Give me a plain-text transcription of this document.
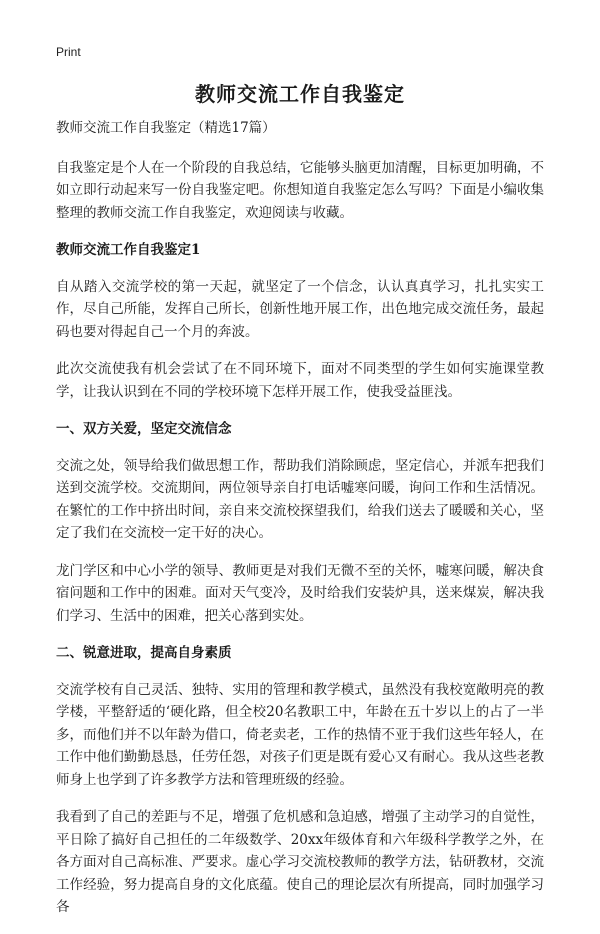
Print
教师交流工作自我鉴定

教师交流工作自我鉴定（精选17篇）

自我鉴定是个人在一个阶段的自我总结，它能够头脑更加清醒，目标更加明确，不如立即行动起来写一份自我鉴定吧。你想知道自我鉴定怎么写吗？下面是小编收集整理的教师交流工作自我鉴定，欢迎阅读与收藏。

教师交流工作自我鉴定1

自从踏入交流学校的第一天起，就坚定了一个信念，认认真真学习，扎扎实实工作，尽自己所能，发挥自己所长，创新性地开展工作，出色地完成交流任务，最起码也要对得起自己一个月的奔波。

此次交流使我有机会尝试了在不同环境下，面对不同类型的学生如何实施课堂教学，让我认识到在不同的学校环境下怎样开展工作，使我受益匪浅。

一、双方关爱，坚定交流信念

交流之处，领导给我们做思想工作，帮助我们消除顾虑，坚定信心，并派车把我们送到交流学校。交流期间，两位领导亲自打电话嘘寒问暖，询问工作和生活情况。在繁忙的工作中挤出时间，亲自来交流校探望我们，给我们送去了暖暖和关心，坚定了我们在交流校一定干好的决心。

龙门学区和中心小学的领导、教师更是对我们无微不至的关怀，嘘寒问暖，解决食宿问题和工作中的困难。面对天气变冷，及时给我们安装炉具，送来煤炭，解决我们学习、生活中的困难，把关心落到实处。

二、锐意进取，提高自身素质

交流学校有自己灵活、独特、实用的管理和教学模式，虽然没有我校宽敞明亮的教学楼，平整舒适的‘硬化路，但全校20名教职工中，年龄在五十岁以上的占了一半多，而他们并不以年龄为借口，倚老卖老，工作的热情不亚于我们这些年轻人，在工作中他们勤勤恳恳，任劳任怨，对孩子们更是既有爱心又有耐心。我从这些老教师身上也学到了许多教学方法和管理班级的经验。

我看到了自己的差距与不足，增强了危机感和急迫感，增强了主动学习的自觉性，平日除了搞好自己担任的二年级数学、20xx年级体育和六年级科学教学之外，在各方面对自己高标准、严要求。虚心学习交流校教师的教学方法，钻研教材，交流工作经验，努力提高自身的文化底蕴。使自己的理论层次有所提高，同时加强学习各
